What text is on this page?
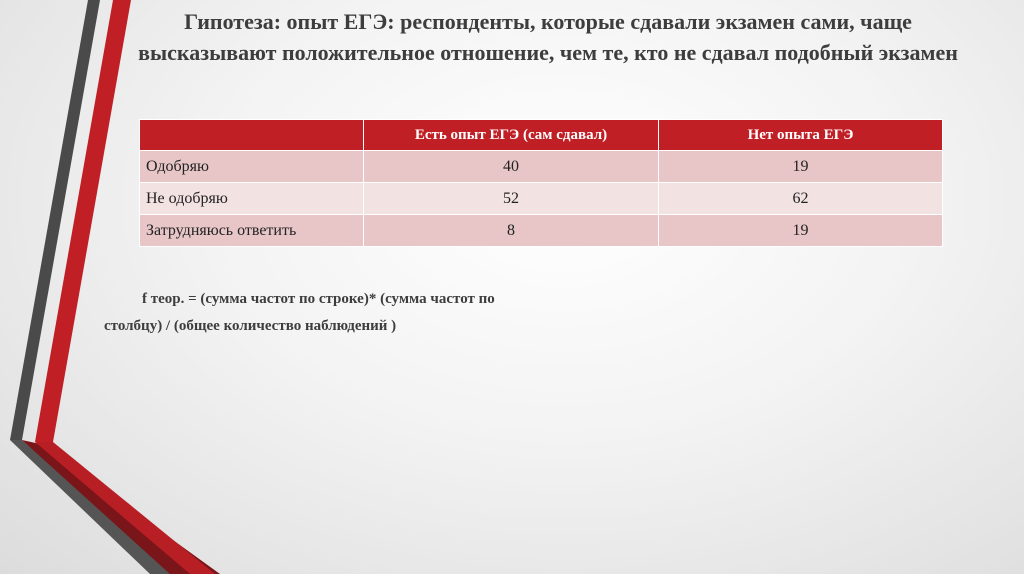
Гипотеза: опыт ЕГЭ: респонденты, которые сдавали экзамен сами, чаще высказывают положительное отношение, чем те, кто не сдавал подобный экзамен
	Есть опыт ЕГЭ (сам сдавал)	Нет опыта ЕГЭ
Одобряю	40	19
Не одобряю	52	62
Затрудняюсь ответить	8	19

f теор. = (сумма частот по строке)* (сумма частот по
столбцу) / (общее количество наблюдений )
